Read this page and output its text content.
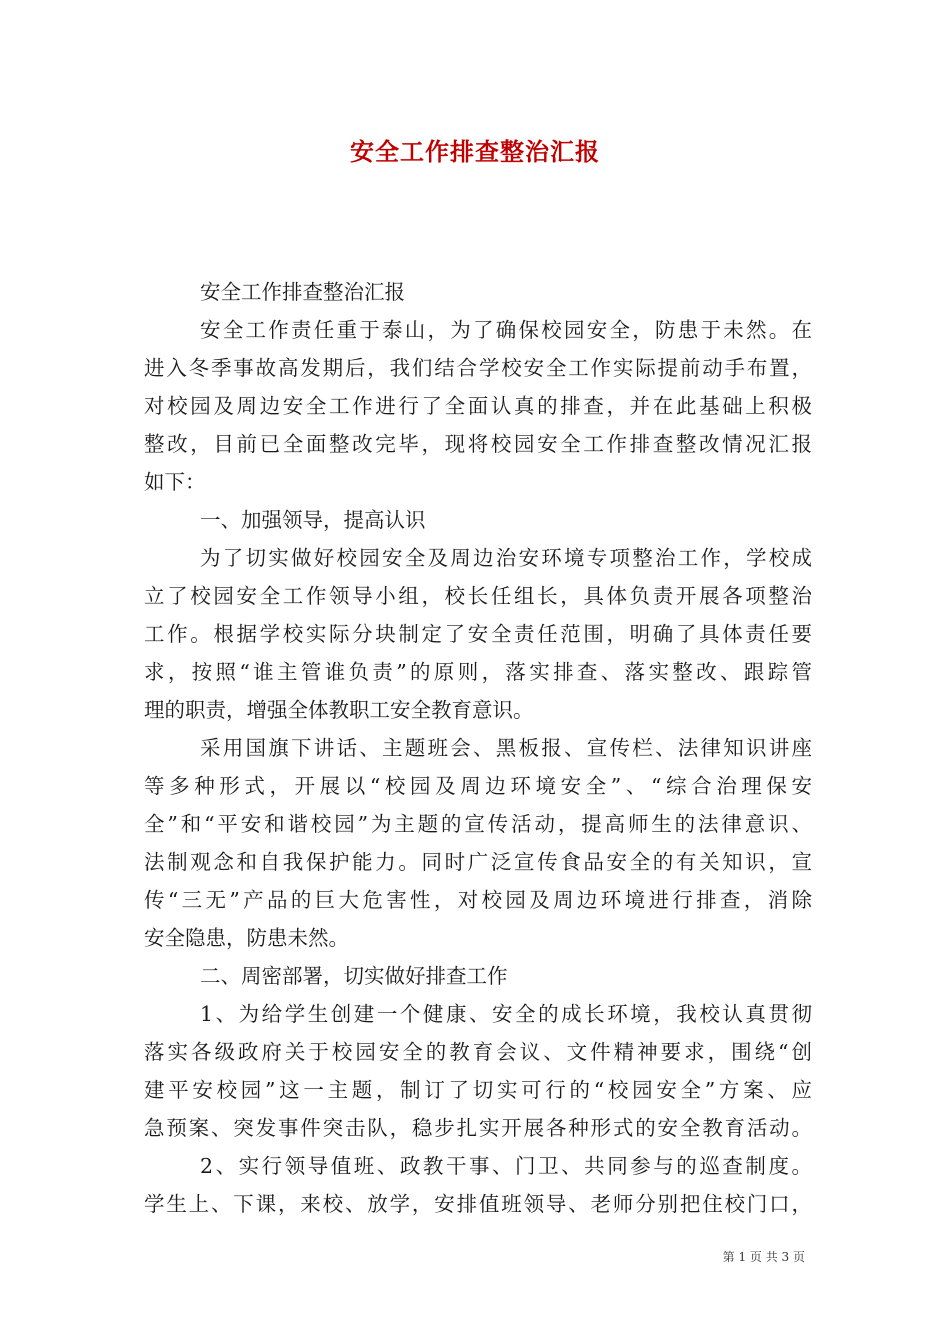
安全工作排查整治汇报
安全工作排查整治汇报
安全工作责任重于泰山，为了确保校园安全，防患于未然。在
进入冬季事故高发期后，我们结合学校安全工作实际提前动手布置，
对校园及周边安全工作进行了全面认真的排查，并在此基础上积极
整改，目前已全面整改完毕，现将校园安全工作排查整改情况汇报
如下：
一、加强领导，提高认识
为了切实做好校园安全及周边治安环境专项整治工作，学校成
立了校园安全工作领导小组，校长任组长，具体负责开展各项整治
工作。根据学校实际分块制定了安全责任范围，明确了具体责任要
求，按照“谁主管谁负责”的原则，落实排查、落实整改、跟踪管
理的职责，增强全体教职工安全教育意识。
采用国旗下讲话、主题班会、黑板报、宣传栏、法律知识讲座
等多种形式，开展以“校园及周边环境安全”、“综合治理保安
全”和“平安和谐校园”为主题的宣传活动，提高师生的法律意识、
法制观念和自我保护能力。同时广泛宣传食品安全的有关知识，宣
传“三无”产品的巨大危害性，对校园及周边环境进行排查，消除
安全隐患，防患未然。
二、周密部署，切实做好排查工作
1、为给学生创建一个健康、安全的成长环境，我校认真贯彻
落实各级政府关于校园安全的教育会议、文件精神要求，围绕“创
建平安校园”这一主题，制订了切实可行的“校园安全”方案、应
急预案、突发事件突击队，稳步扎实开展各种形式的安全教育活动。
2、实行领导值班、政教干事、门卫、共同参与的巡查制度。
学生上、下课，来校、放学，安排值班领导、老师分别把住校门口，
第 1 页 共 3 页
